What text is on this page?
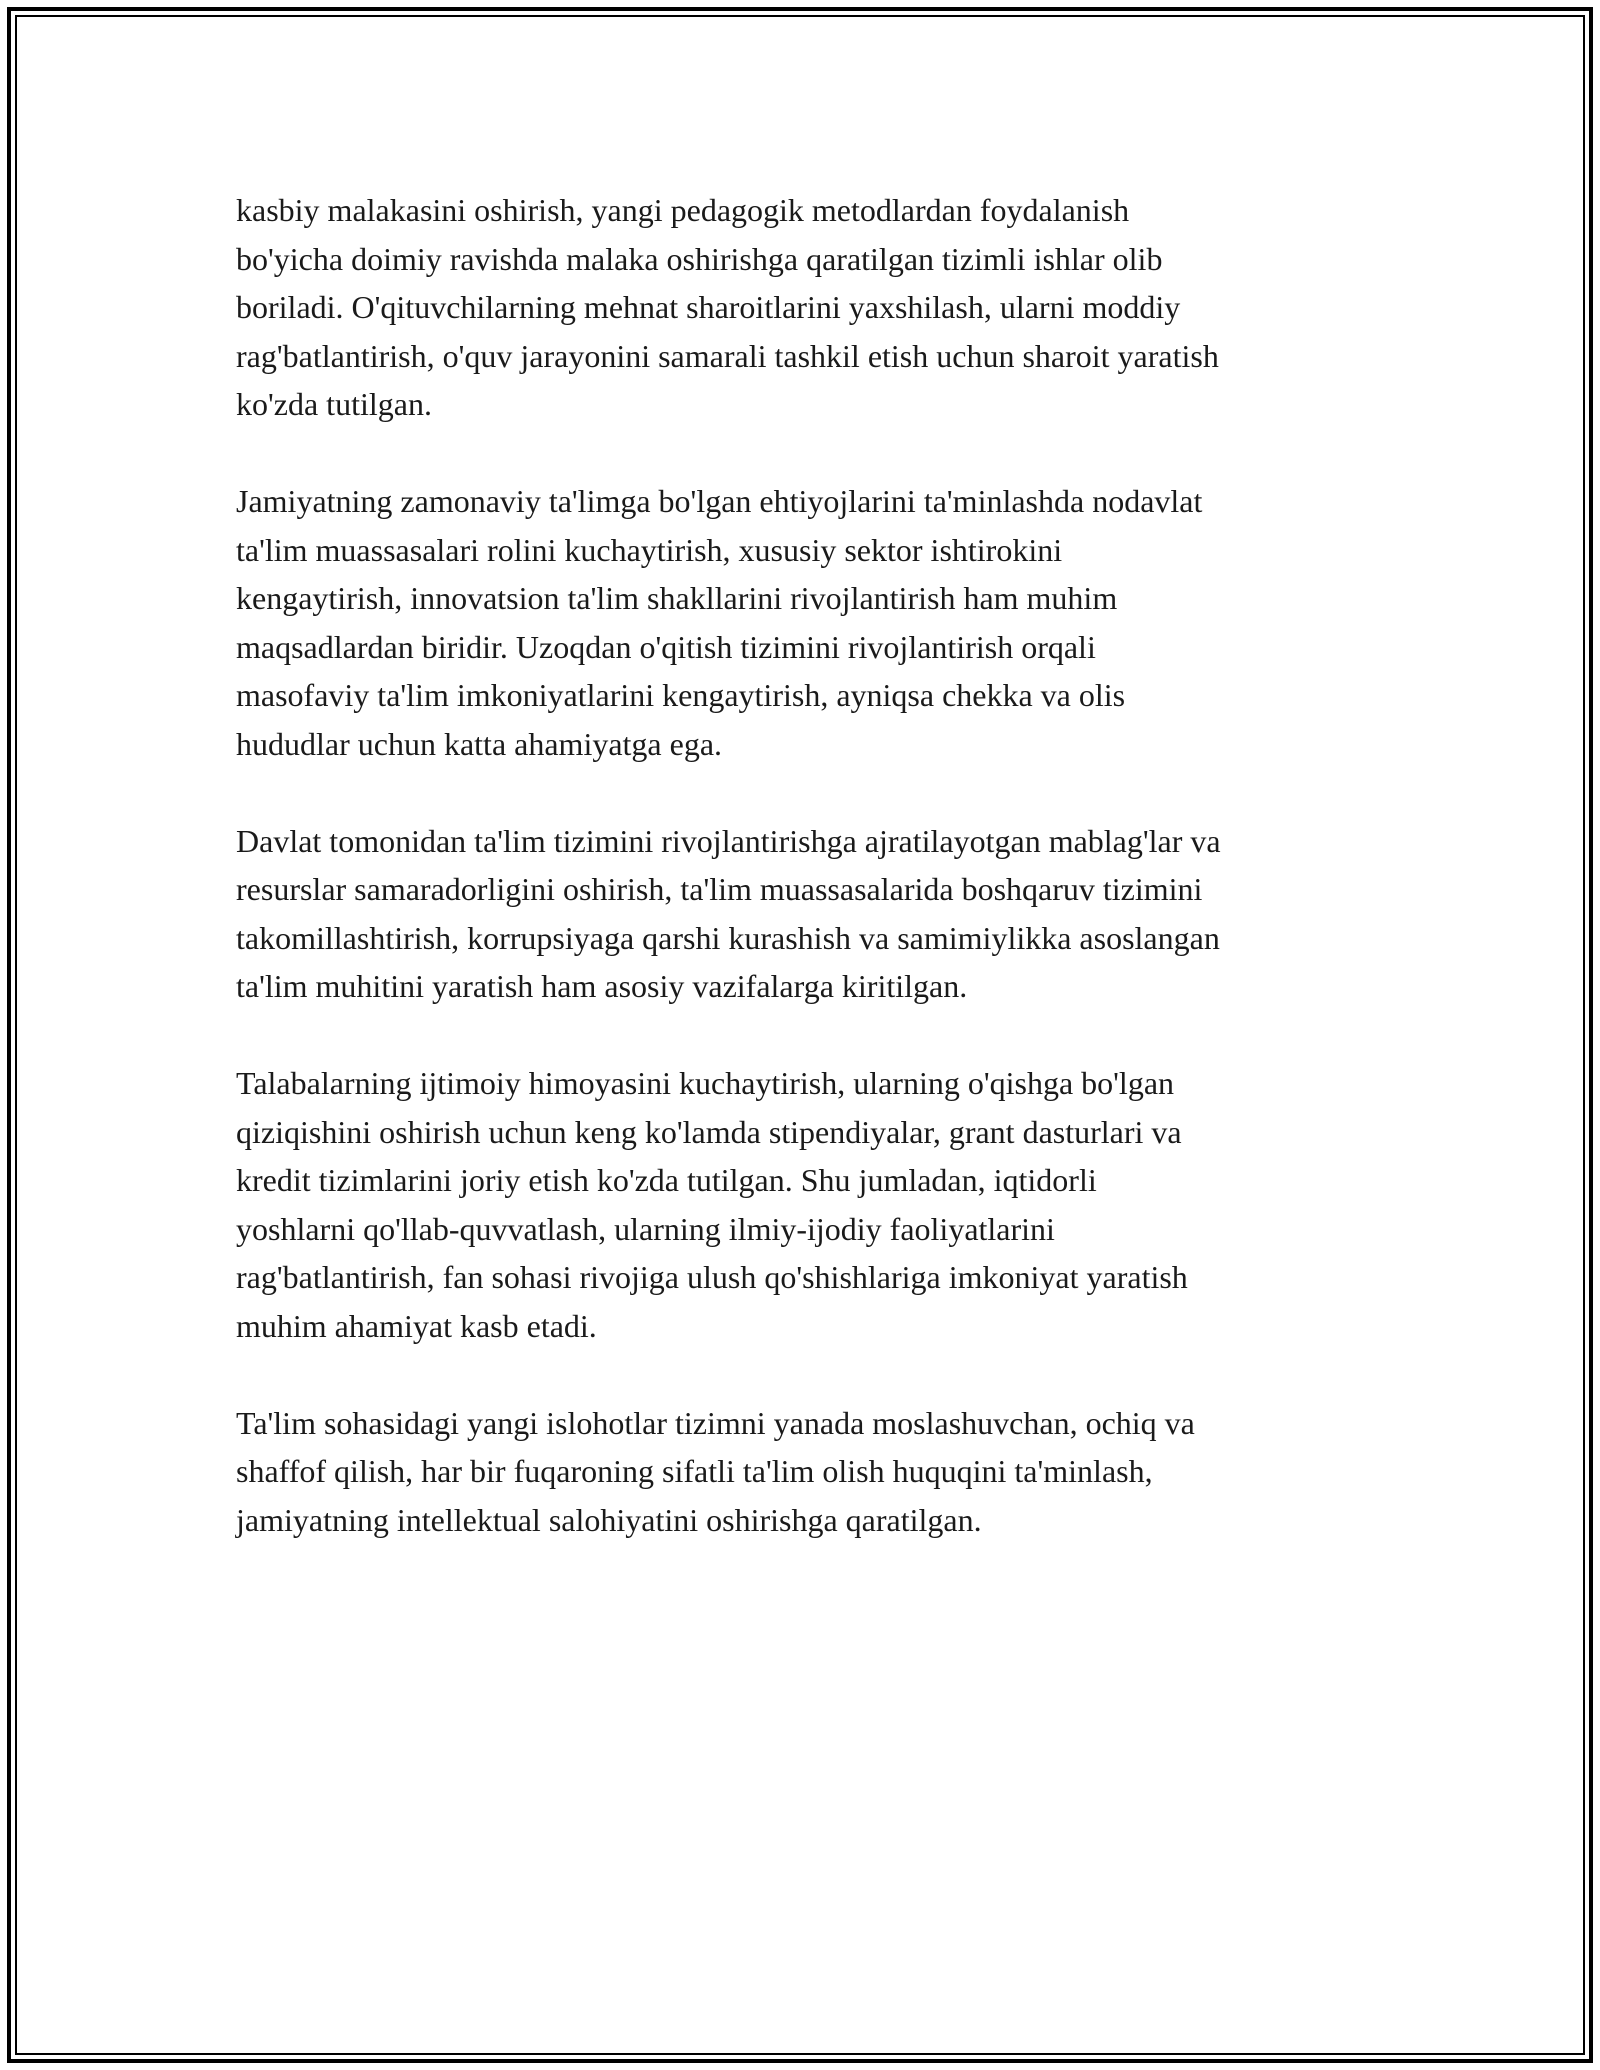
kasbiy malakasini oshirish, yangi pedagogik metodlardan foydalanish
bo'yicha doimiy ravishda malaka oshirishga qaratilgan tizimli ishlar olib
boriladi. O'qituvchilarning mehnat sharoitlarini yaxshilash, ularni moddiy
rag'batlantirish, o'quv jarayonini samarali tashkil etish uchun sharoit yaratish
ko'zda tutilgan.

Jamiyatning zamonaviy ta'limga bo'lgan ehtiyojlarini ta'minlashda nodavlat
ta'lim muassasalari rolini kuchaytirish, xususiy sektor ishtirokini
kengaytirish, innovatsion ta'lim shakllarini rivojlantirish ham muhim
maqsadlardan biridir. Uzoqdan o'qitish tizimini rivojlantirish orqali
masofaviy ta'lim imkoniyatlarini kengaytirish, ayniqsa chekka va olis
hududlar uchun katta ahamiyatga ega.

Davlat tomonidan ta'lim tizimini rivojlantirishga ajratilayotgan mablag'lar va
resurslar samaradorligini oshirish, ta'lim muassasalarida boshqaruv tizimini
takomillashtirish, korrupsiyaga qarshi kurashish va samimiylikka asoslangan
ta'lim muhitini yaratish ham asosiy vazifalarga kiritilgan.

Talabalarning ijtimoiy himoyasini kuchaytirish, ularning o'qishga bo'lgan
qiziqishini oshirish uchun keng ko'lamda stipendiyalar, grant dasturlari va
kredit tizimlarini joriy etish ko'zda tutilgan. Shu jumladan, iqtidorli
yoshlarni qo'llab-quvvatlash, ularning ilmiy-ijodiy faoliyatlarini
rag'batlantirish, fan sohasi rivojiga ulush qo'shishlariga imkoniyat yaratish
muhim ahamiyat kasb etadi.

Ta'lim sohasidagi yangi islohotlar tizimni yanada moslashuvchan, ochiq va
shaffof qilish, har bir fuqaroning sifatli ta'lim olish huquqini ta'minlash,
jamiyatning intellektual salohiyatini oshirishga qaratilgan.
